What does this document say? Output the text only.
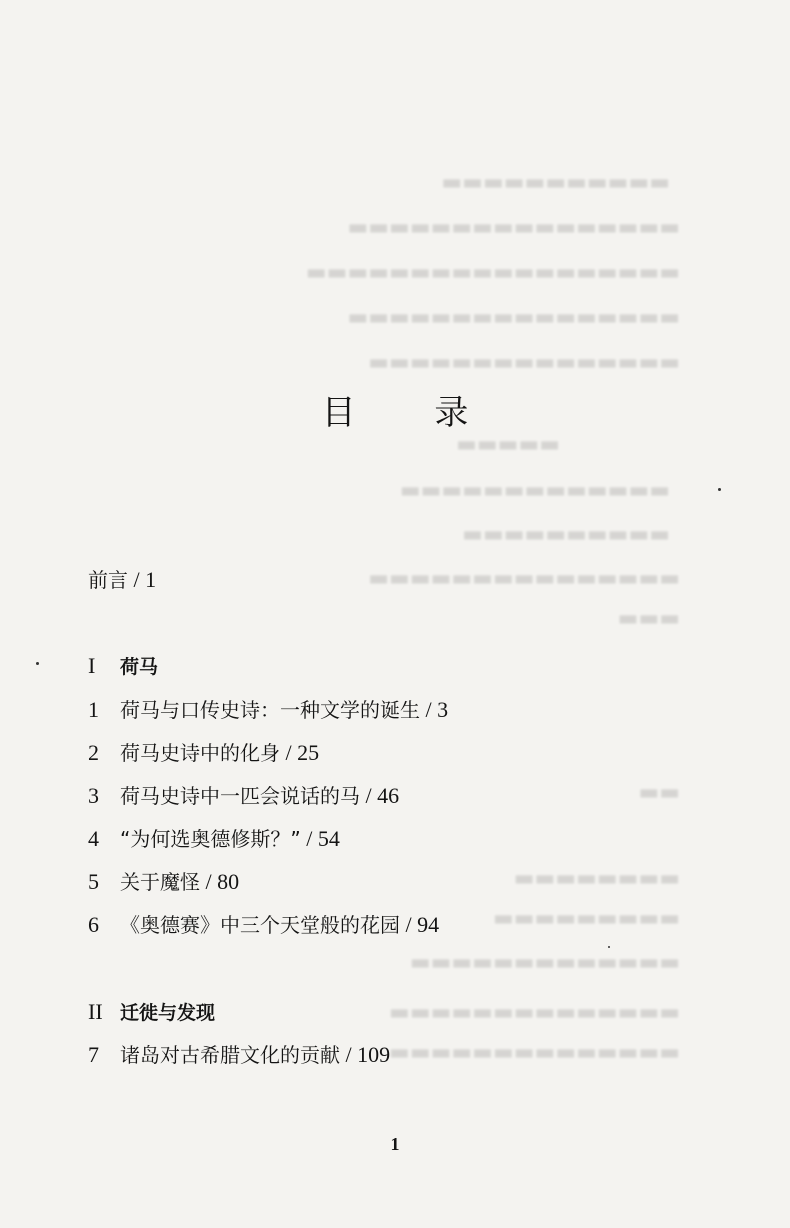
▬▬▬▬▬▬▬▬▬▬▬
▬▬▬▬▬▬▬▬▬▬▬▬▬▬▬▬
▬▬▬▬▬▬▬▬▬▬▬▬▬▬▬▬▬▬
▬▬▬▬▬▬▬▬▬▬▬▬▬▬▬▬
▬▬▬▬▬▬▬▬▬▬▬▬▬▬▬
▬▬▬▬▬
▬▬▬▬▬▬▬▬▬▬▬▬▬
▬▬▬▬▬▬▬▬▬▬
▬▬▬▬▬▬▬▬▬▬▬▬▬▬▬
▬▬▬
▬▬
▬▬▬▬▬▬▬▬
▬▬▬▬▬▬▬▬▬
▬▬▬▬▬▬▬▬▬▬▬▬▬
▬▬▬▬▬▬▬▬▬▬▬▬▬▬
▬▬▬▬▬▬▬▬▬▬▬▬▬▬
目 录
前言 / 1
I 荷马
1 荷马与口传史诗：一种文学的诞生 / 3
2 荷马史诗中的化身 / 25
3 荷马史诗中一匹会说话的马 / 46
4 “为何选奥德修斯？” / 54
5 关于魔怪 / 80
6 《奥德赛》中三个天堂般的花园 / 94
II 迁徙与发现
7 诸岛对古希腊文化的贡献 / 109
1
